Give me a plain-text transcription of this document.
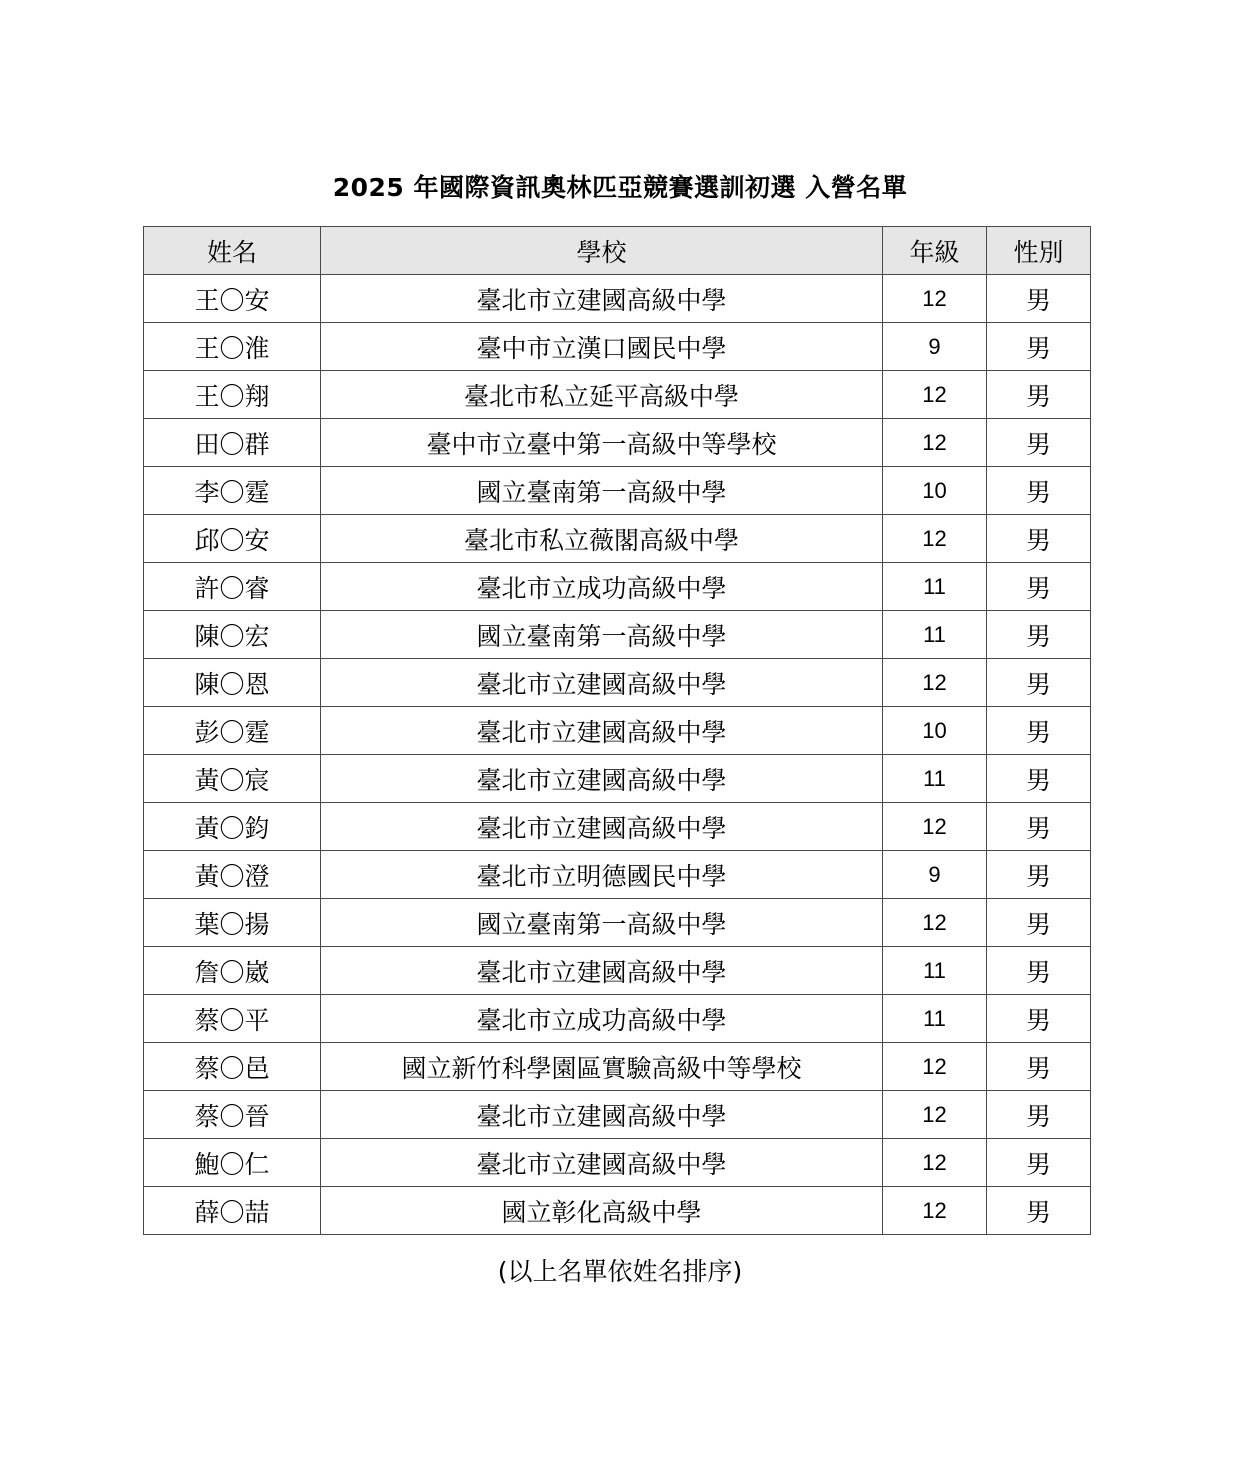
2025 年國際資訊奧林匹亞競賽選訓初選 入營名單
姓名	學校	年級	性別
王〇安	臺北市立建國高級中學	12	男
王〇淮	臺中市立漢口國民中學	9	男
王〇翔	臺北市私立延平高級中學	12	男
田〇群	臺中市立臺中第一高級中等學校	12	男
李〇霆	國立臺南第一高級中學	10	男
邱〇安	臺北市私立薇閣高級中學	12	男
許〇睿	臺北市立成功高級中學	11	男
陳〇宏	國立臺南第一高級中學	11	男
陳〇恩	臺北市立建國高級中學	12	男
彭〇霆	臺北市立建國高級中學	10	男
黃〇宸	臺北市立建國高級中學	11	男
黃〇鈞	臺北市立建國高級中學	12	男
黃〇澄	臺北市立明德國民中學	9	男
葉〇揚	國立臺南第一高級中學	12	男
詹〇崴	臺北市立建國高級中學	11	男
蔡〇平	臺北市立成功高級中學	11	男
蔡〇邑	國立新竹科學園區實驗高級中等學校	12	男
蔡〇晉	臺北市立建國高級中學	12	男
鮑〇仁	臺北市立建國高級中學	12	男
薛〇喆	國立彰化高級中學	12	男
(以上名單依姓名排序)
